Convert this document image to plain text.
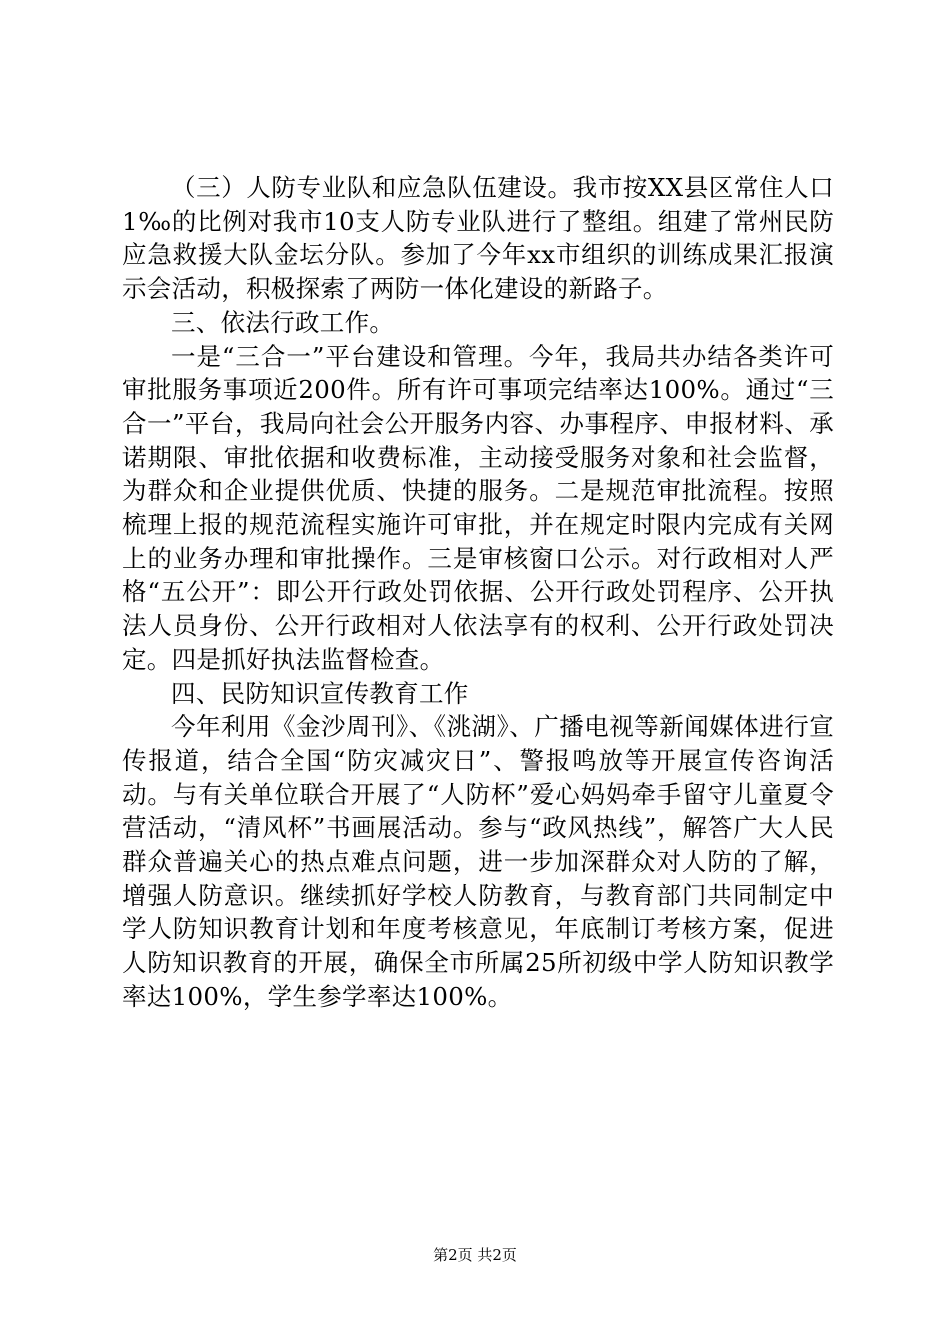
（三）人防专业队和应急队伍建设。我市按XX县区常住人口1‰的比例对我市10支人防专业队进行了整组。组建了常州民防应急救援大队金坛分队。参加了今年xx市组织的训练成果汇报演示会活动，积极探索了两防一体化建设的新路子。

三、依法行政工作。

一是“三合一”平台建设和管理。今年，我局共办结各类许可审批服务事项近200件。所有许可事项完结率达100%。通过“三合一”平台，我局向社会公开服务内容、办事程序、申报材料、承诺期限、审批依据和收费标准，主动接受服务对象和社会监督，为群众和企业提供优质、快捷的服务。二是规范审批流程。按照梳理上报的规范流程实施许可审批，并在规定时限内完成有关网上的业务办理和审批操作。三是审核窗口公示。对行政相对人严格“五公开”：即公开行政处罚依据、公开行政处罚程序、公开执法人员身份、公开行政相对人依法享有的权利、公开行政处罚决定。四是抓好执法监督检查。

四、民防知识宣传教育工作

今年利用《金沙周刊》、《洮湖》、广播电视等新闻媒体进行宣传报道，结合全国“防灾减灾日”、警报鸣放等开展宣传咨询活动。与有关单位联合开展了“人防杯”爱心妈妈牵手留守儿童夏令营活动，“清风杯”书画展活动。参与“政风热线”，解答广大人民群众普遍关心的热点难点问题，进一步加深群众对人防的了解，增强人防意识。继续抓好学校人防教育，与教育部门共同制定中学人防知识教育计划和年度考核意见，年底制订考核方案，促进人防知识教育的开展，确保全市所属25所初级中学人防知识教学率达100%，学生参学率达100%。

第2页 共2页
